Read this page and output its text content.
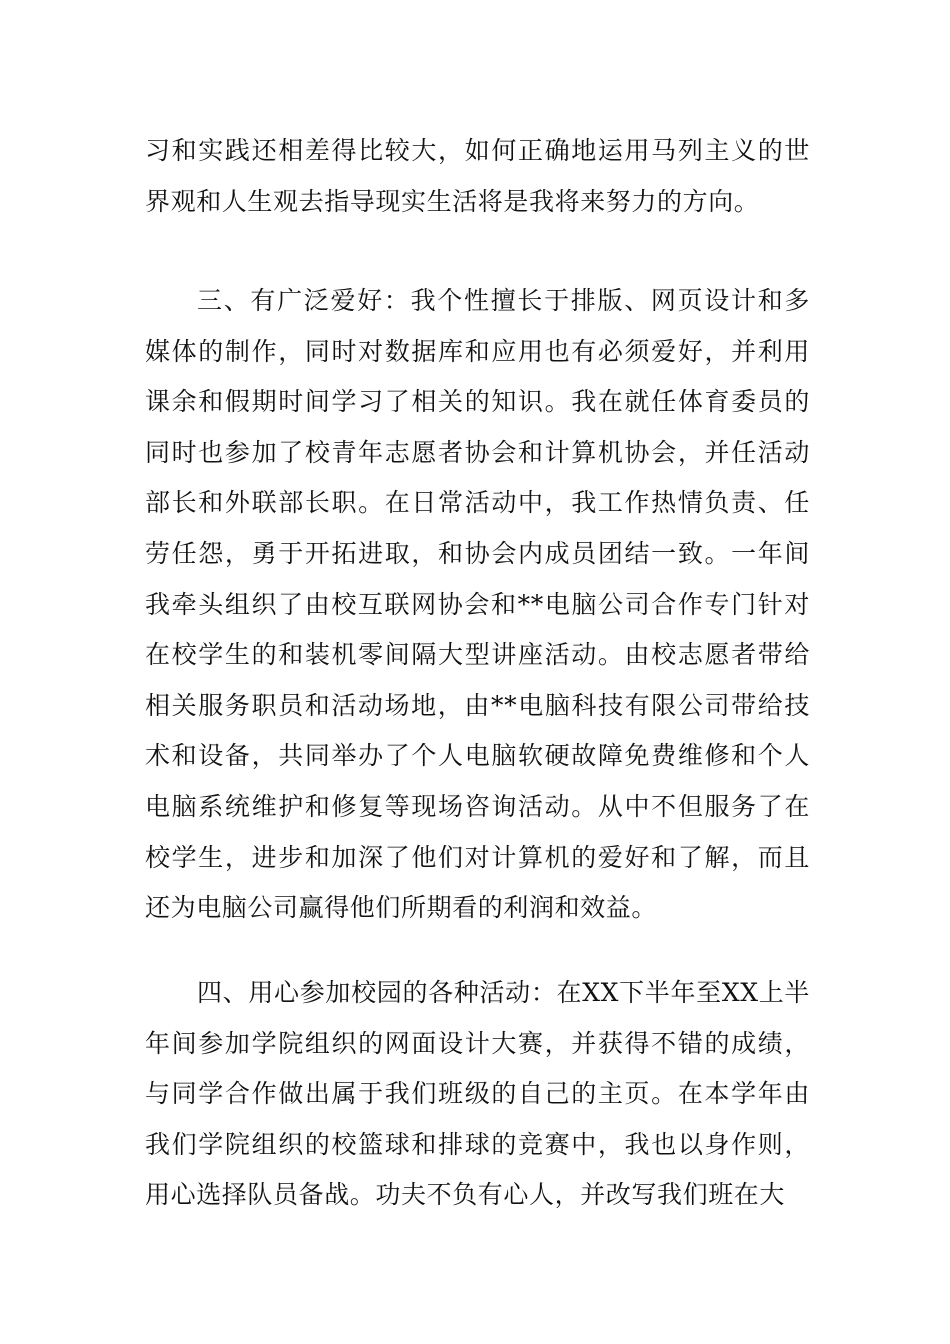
习和实践还相差得比较大，如何正确地运用马列主义的世界观和人生观去指导现实生活将是我将来努力的方向。

三、有广泛爱好：我个性擅长于排版、网页设计和多媒体的制作，同时对数据库和应用也有必须爱好，并利用课余和假期时间学习了相关的知识。我在就任体育委员的同时也参加了校青年志愿者协会和计算机协会，并任活动部长和外联部长职。在日常活动中，我工作热情负责、任劳任怨，勇于开拓进取，和协会内成员团结一致。一年间我牵头组织了由校互联网协会和**电脑公司合作专门针对在校学生的和装机零间隔大型讲座活动。由校志愿者带给相关服务职员和活动场地，由**电脑科技有限公司带给技术和设备，共同举办了个人电脑软硬故障免费维修和个人电脑系统维护和修复等现场咨询活动。从中不但服务了在校学生，进步和加深了他们对计算机的爱好和了解，而且还为电脑公司赢得他们所期看的利润和效益。

四、用心参加校园的各种活动：在XX下半年至XX上半年间参加学院组织的网面设计大赛，并获得不错的成绩，与同学合作做出属于我们班级的自己的主页。在本学年由我们学院组织的校篮球和排球的竞赛中，我也以身作则，用心选择队员备战。功夫不负有心人，并改写我们班在大
